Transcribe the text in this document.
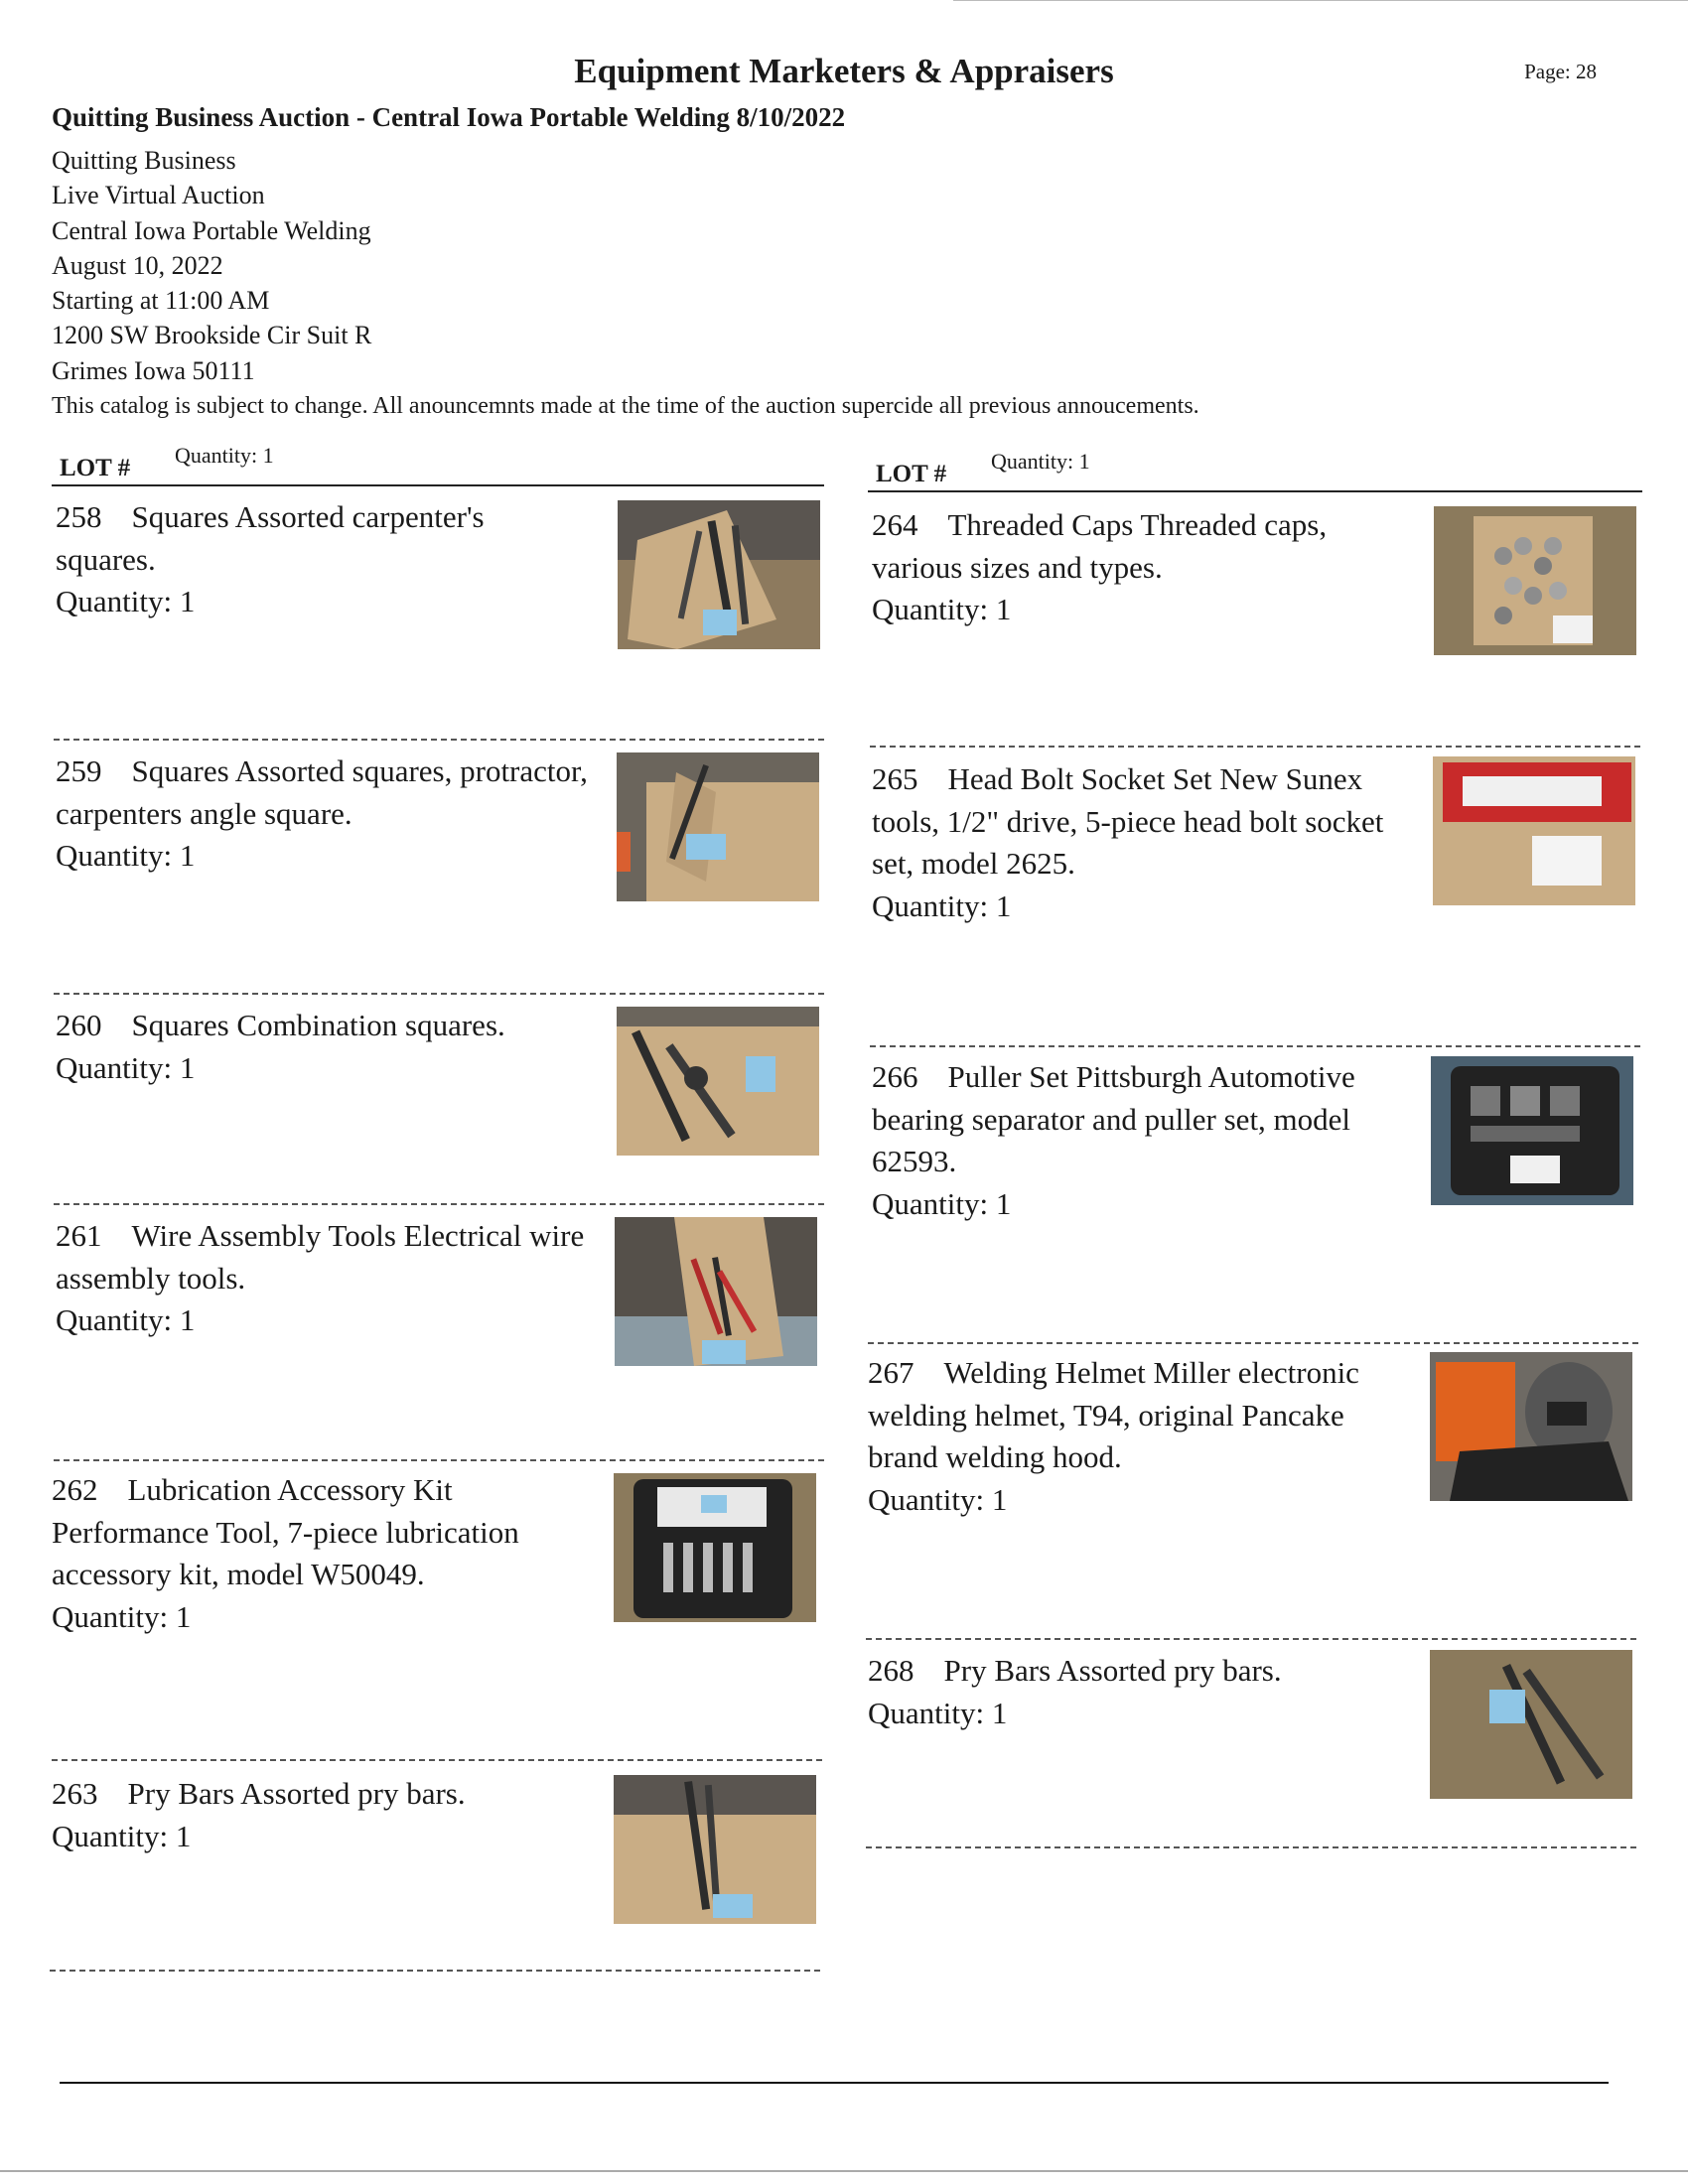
Equipment Marketers & Appraisers	Page: 28
Quitting Business Auction - Central Iowa Portable Welding 8/10/2022
Quitting Business
Live Virtual Auction
Central Iowa Portable Welding
August 10, 2022
Starting at 11:00 AM
1200 SW Brookside Cir Suit R
Grimes Iowa 50111
This catalog is subject to change. All anouncemnts made at the time of the auction supercide all previous annoucements.
LOT # Quantity: 1
LOT # Quantity: 1
258 Squares Assorted carpenter's squares.
Quantity: 1
259 Squares Assorted squares, protractor, carpenters angle square.
Quantity: 1
260 Squares Combination squares.
Quantity: 1
261 Wire Assembly Tools Electrical wire assembly tools.
Quantity: 1
262 Lubrication Accessory Kit Performance Tool, 7-piece lubrication accessory kit, model W50049.
Quantity: 1
263 Pry Bars Assorted pry bars.
Quantity: 1
264 Threaded Caps Threaded caps, various sizes and types.
Quantity: 1
265 Head Bolt Socket Set New Sunex tools, 1/2" drive, 5-piece head bolt socket set, model 2625.
Quantity: 1
266 Puller Set Pittsburgh Automotive bearing separator and puller set, model 62593.
Quantity: 1
267 Welding Helmet Miller electronic welding helmet, T94, original Pancake brand welding hood.
Quantity: 1
268 Pry Bars Assorted pry bars.
Quantity: 1
